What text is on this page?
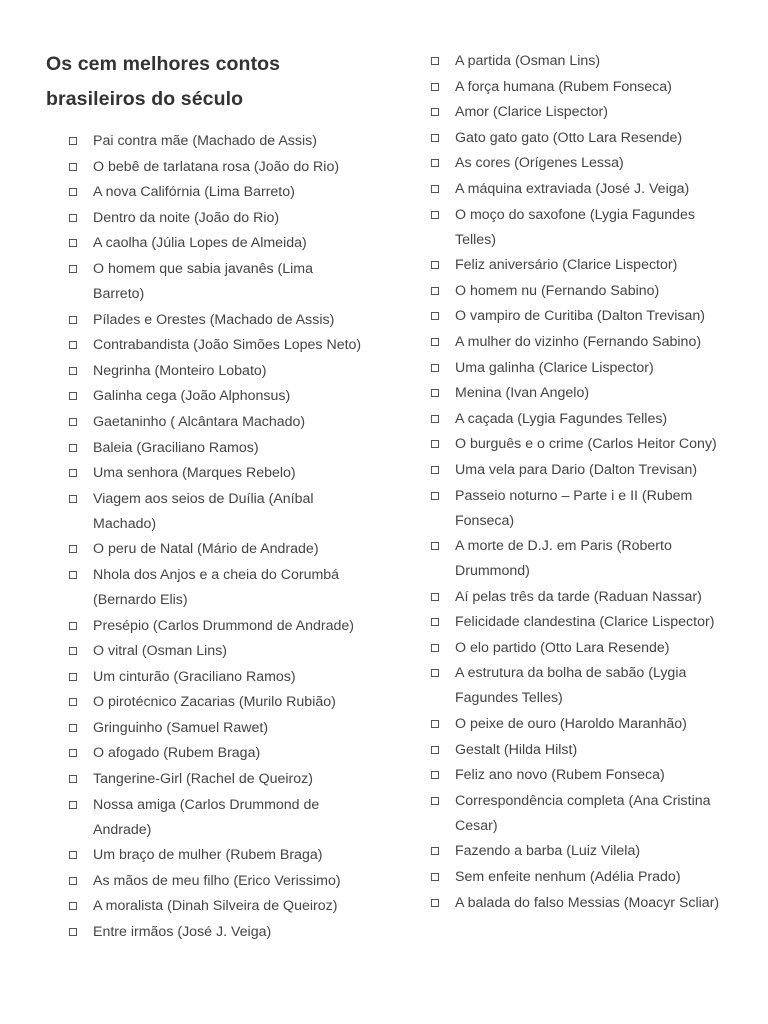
Os cem melhores contos brasileiros do século
Pai contra mãe (Machado de Assis)
O bebê de tarlatana rosa (João do Rio)
A nova Califórnia (Lima Barreto)
Dentro da noite (João do Rio)
A caolha (Júlia Lopes de Almeida)
O homem que sabia javanês (Lima Barreto)
Pílades e Orestes (Machado de Assis)
Contrabandista (João Simões Lopes Neto)
Negrinha (Monteiro Lobato)
Galinha cega (João Alphonsus)
Gaetaninho ( Alcântara Machado)
Baleia (Graciliano Ramos)
Uma senhora (Marques Rebelo)
Viagem aos seios de Duília (Aníbal Machado)
O peru de Natal (Mário de Andrade)
Nhola dos Anjos e a cheia do Corumbá (Bernardo Elis)
Presépio (Carlos Drummond de Andrade)
O vitral (Osman Lins)
Um cinturão (Graciliano Ramos)
O pirotécnico Zacarias (Murilo Rubião)
Gringuinho (Samuel Rawet)
O afogado (Rubem Braga)
Tangerine-Girl (Rachel de Queiroz)
Nossa amiga (Carlos Drummond de Andrade)
Um braço de mulher (Rubem Braga)
As mãos de meu filho (Erico Verissimo)
A moralista (Dinah Silveira de Queiroz)
Entre irmãos (José J. Veiga)
A partida (Osman Lins)
A força humana (Rubem Fonseca)
Amor (Clarice Lispector)
Gato gato gato (Otto Lara Resende)
As cores (Orígenes Lessa)
A máquina extraviada (José J. Veiga)
O moço do saxofone (Lygia Fagundes Telles)
Feliz aniversário (Clarice Lispector)
O homem nu (Fernando Sabino)
O vampiro de Curitiba (Dalton Trevisan)
A mulher do vizinho (Fernando Sabino)
Uma galinha (Clarice Lispector)
Menina (Ivan Angelo)
A caçada (Lygia Fagundes Telles)
O burguês e o crime (Carlos Heitor Cony)
Uma vela para Dario (Dalton Trevisan)
Passeio noturno – Parte i e II (Rubem Fonseca)
A morte de D.J. em Paris (Roberto Drummond)
Aí pelas três da tarde (Raduan Nassar)
Felicidade clandestina (Clarice Lispector)
O elo partido (Otto Lara Resende)
A estrutura da bolha de sabão (Lygia Fagundes Telles)
O peixe de ouro (Haroldo Maranhão)
Gestalt (Hilda Hilst)
Feliz ano novo (Rubem Fonseca)
Correspondência completa (Ana Cristina Cesar)
Fazendo a barba (Luiz Vilela)
Sem enfeite nenhum (Adélia Prado)
A balada do falso Messias (Moacyr Scliar)
